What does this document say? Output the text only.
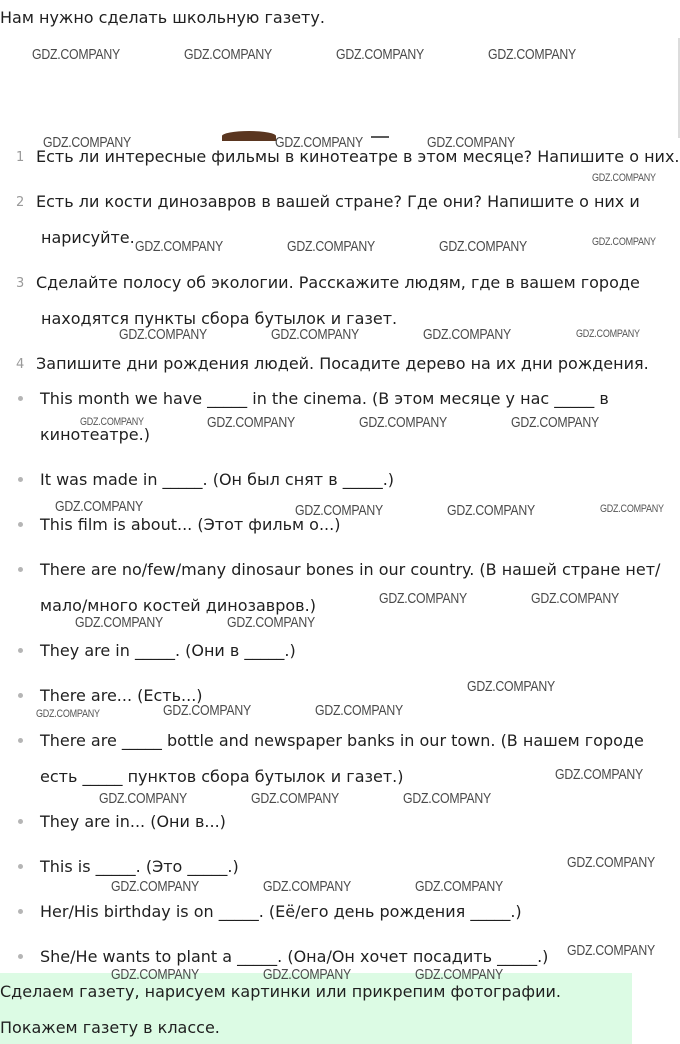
Нам нужно сделать школьную газету.
1 Есть ли интересные фильмы в кинотеатре в этом месяце? Напишите о них.
2 Есть ли кости динозавров в вашей стране? Где они? Напишите о них и
нарисуйте.
3 Сделайте полосу об экологии. Расскажите людям, где в вашем городе
находятся пункты сбора бутылок и газет.
4 Запишите дни рождения людей. Посадите дерево на их дни рождения.
This month we have _____ in the cinema. (В этом месяце у нас _____ в
кинотеатре.)
It was made in _____. (Он был снят в _____.)
This film is about... (Этот фильм о...)
There are no/few/many dinosaur bones in our country. (В нашей стране нет/
мало/много костей динозавров.)
They are in _____. (Они в _____.)
There are... (Есть...)
There are _____ bottle and newspaper banks in our town. (В нашем городе
есть _____ пунктов сбора бутылок и газет.)
They are in... (Они в...)
This is _____. (Это _____.)
Her/His birthday is on _____. (Её/его день рождения _____.)
She/He wants to plant a _____. (Она/Он хочет посадить _____.)
Сделаем газету, нарисуем картинки или прикрепим фотографии.
Покажем газету в классе.
GDZ.COMPANY	GDZ.COMPANY	GDZ.COMPANY	GDZ.COMPANY
GDZ.COMPANY	GDZ.COMPANY	GDZ.COMPANY
GDZ.COMPANY
GDZ.COMPANY	GDZ.COMPANY	GDZ.COMPANY	GDZ.COMPANY
GDZ.COMPANY	GDZ.COMPANY	GDZ.COMPANY	GDZ.COMPANY
GDZ.COMPANY	GDZ.COMPANY	GDZ.COMPANY	GDZ.COMPANY
GDZ.COMPANY	GDZ.COMPANY	GDZ.COMPANY	GDZ.COMPANY
GDZ.COMPANY	GDZ.COMPANY
GDZ.COMPANY	GDZ.COMPANY
GDZ.COMPANY
GDZ.COMPANY	GDZ.COMPANY	GDZ.COMPANY
GDZ.COMPANY
GDZ.COMPANY	GDZ.COMPANY	GDZ.COMPANY
GDZ.COMPANY
GDZ.COMPANY	GDZ.COMPANY	GDZ.COMPANY
GDZ.COMPANY
GDZ.COMPANY	GDZ.COMPANY	GDZ.COMPANY
